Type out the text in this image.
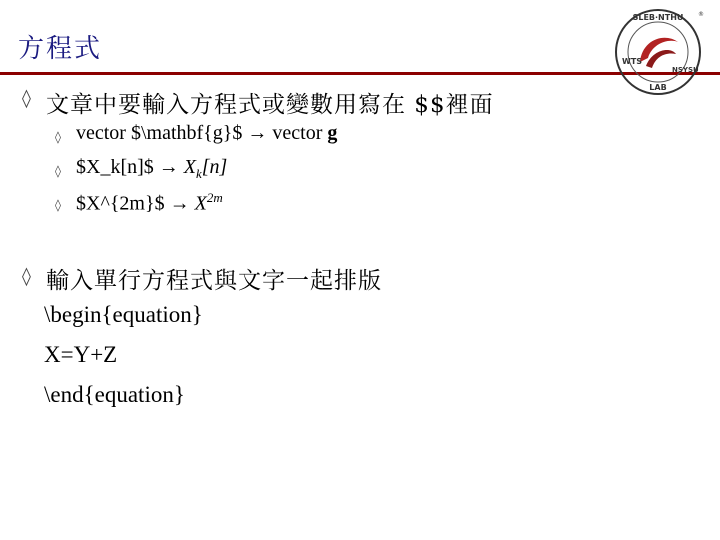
方程式
SLEB·NTHU
WTS
LAB
NSYSU
®
◊ 文章中要輸入方程式或變數用寫在 $$裡面
◊ vector $\mathbf{g}$ → vector g
◊ $X_k[n]$ → $X_k[n]$
◊ $X^{2m}$ → $X^{2m}$
◊ 輸入單行方程式與文字一起排版
\begin{equation}
X=Y+Z
\end{equation}
